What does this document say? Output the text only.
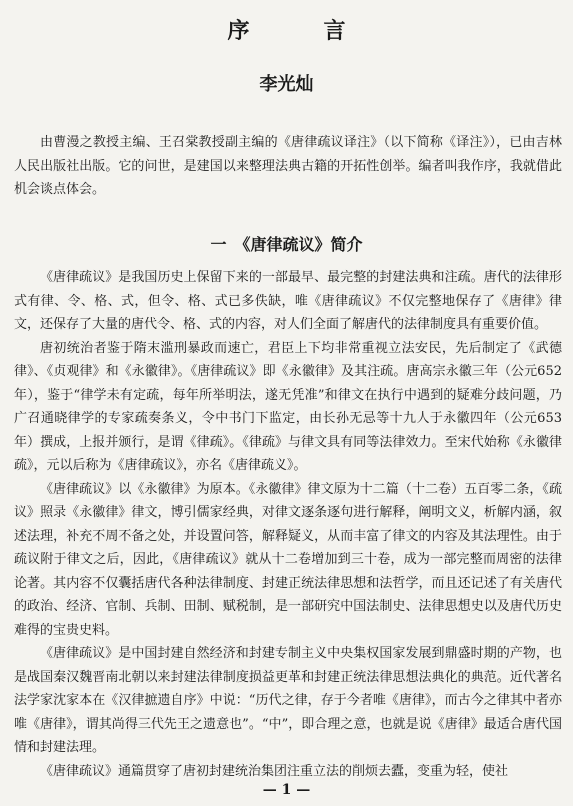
序　言
李光灿

由曹漫之教授主编、王召棠教授副主编的《唐律疏议译注》（以下简称《译注》），已由吉林人民出版社出版。它的问世，是建国以来整理法典古籍的开拓性创举。编者叫我作序，我就借此机会谈点体会。

一　《唐律疏议》简介

《唐律疏议》是我国历史上保留下来的一部最早、最完整的封建法典和注疏。唐代的法律形式有律、令、格、式，但令、格、式已多佚缺，唯《唐律疏议》不仅完整地保存了《唐律》律文，还保存了大量的唐代令、格、式的内容，对人们全面了解唐代的法律制度具有重要价值。

唐初统治者鉴于隋末滥刑暴政而速亡，君臣上下均非常重视立法安民，先后制定了《武德律》、《贞观律》和《永徽律》。《唐律疏议》即《永徽律》及其注疏。唐高宗永徽三年（公元652年），鉴于“律学未有定疏，每年所举明法，遂无凭准”和律文在执行中遇到的疑难分歧问题，乃广召通晓律学的专家疏奏条义，令中书门下监定，由长孙无忌等十九人于永徽四年（公元653年）撰成，上报并颁行，是谓《律疏》。《律疏》与律文具有同等法律效力。至宋代始称《永徽律疏》，元以后称为《唐律疏议》，亦名《唐律疏义》。

《唐律疏议》以《永徽律》为原本。《永徽律》律文原为十二篇（十二卷）五百零二条，《疏议》照录《永徽律》律文，博引儒家经典，对律文逐条逐句进行解释，阐明文义，析解内涵，叙述法理，补充不周不备之处，并设置问答，解释疑义，从而丰富了律文的内容及其法理性。由于疏议附于律文之后，因此，《唐律疏议》就从十二卷增加到三十卷，成为一部完整而周密的法律论著。其内容不仅囊括唐代各种法律制度、封建正统法律思想和法哲学，而且还记述了有关唐代的政治、经济、官制、兵制、田制、赋税制，是一部研究中国法制史、法律思想史以及唐代历史难得的宝贵史料。

《唐律疏议》是中国封建自然经济和封建专制主义中央集权国家发展到鼎盛时期的产物，也是战国秦汉魏晋南北朝以来封建法律制度损益更革和封建正统法律思想法典化的典范。近代著名法学家沈家本在《汉律摭遗自序》中说：“历代之律，存于今者唯《唐律》，而古今之律其中者亦唯《唐律》，谓其尚得三代先王之遗意也”。“中”，即合理之意，也就是说《唐律》最适合唐代国情和封建法理。

《唐律疏议》通篇贯穿了唐初封建统治集团注重立法的削烦去蠹，变重为轻，使社

— 1 —
